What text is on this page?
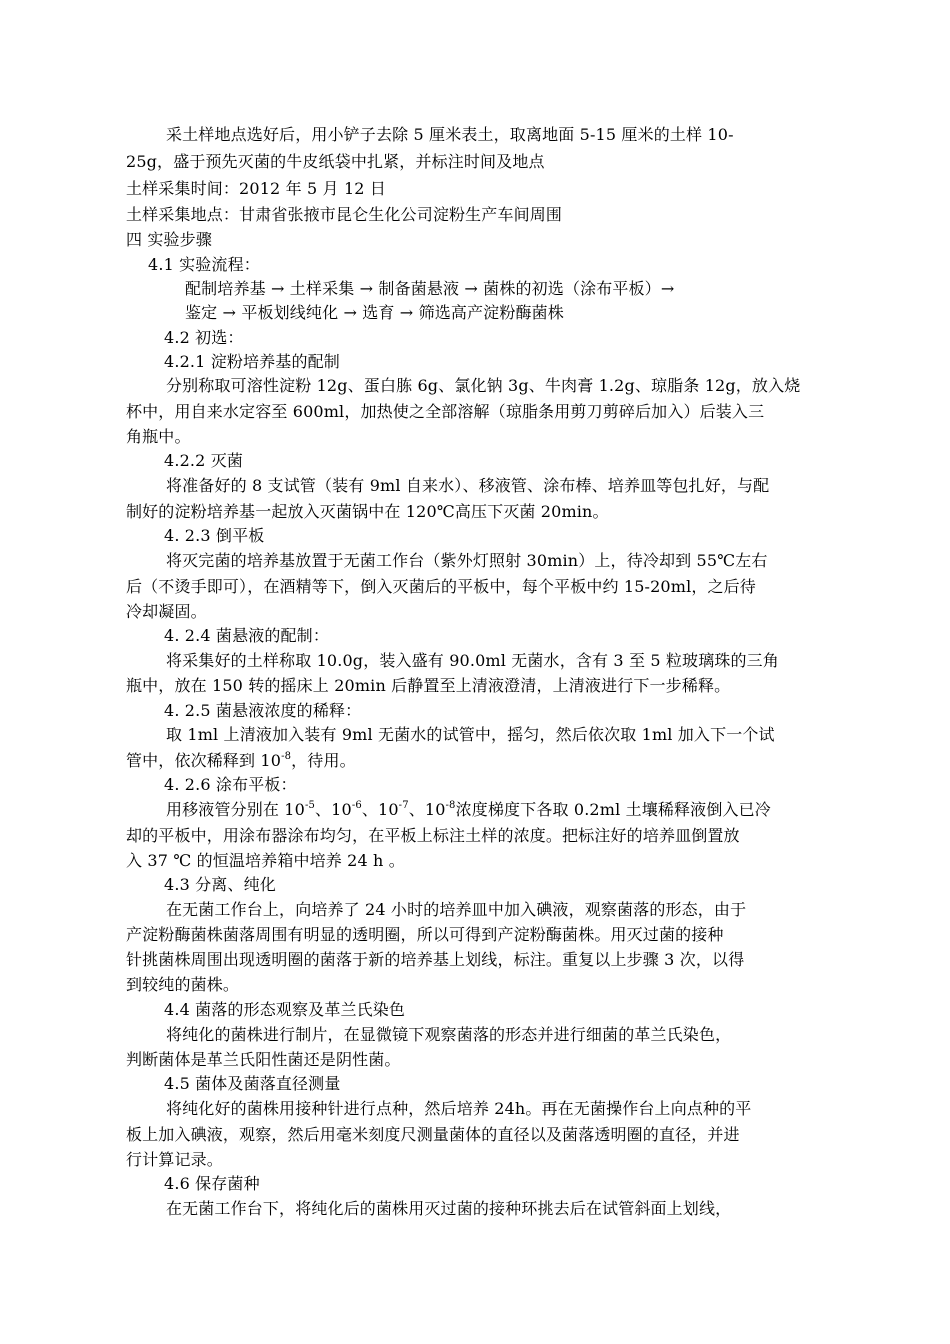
采土样地点选好后，用小铲子去除 5 厘米表土，取离地面 5-15 厘米的土样 10-
25g，盛于预先灭菌的牛皮纸袋中扎紧，并标注时间及地点
土样采集时间：2012 年 5 月 12 日
土样采集地点：甘肃省张掖市昆仑生化公司淀粉生产车间周围
四 实验步骤
4.1 实验流程：
配制培养基 → 土样采集 → 制备菌悬液 → 菌株的初选（涂布平板）→
鉴定 → 平板划线纯化 → 选育 → 筛选高产淀粉酶菌株
4.2 初选：
4.2.1 淀粉培养基的配制
分别称取可溶性淀粉 12g、蛋白胨 6g、氯化钠 3g、牛肉膏 1.2g、琼脂条 12g，放入烧
杯中，用自来水定容至 600ml，加热使之全部溶解（琼脂条用剪刀剪碎后加入）后装入三
角瓶中。
4.2.2 灭菌
将准备好的 8 支试管（装有 9ml 自来水）、移液管、涂布棒、培养皿等包扎好，与配
制好的淀粉培养基一起放入灭菌锅中在 120℃高压下灭菌 20min。
4. 2.3 倒平板
将灭完菌的培养基放置于无菌工作台（紫外灯照射 30min）上，待冷却到 55℃左右
后（不烫手即可），在酒精等下，倒入灭菌后的平板中，每个平板中约 15-20ml，之后待
冷却凝固。
4. 2.4 菌悬液的配制：
将采集好的土样称取 10.0g，装入盛有 90.0ml 无菌水，含有 3 至 5 粒玻璃珠的三角
瓶中，放在 150 转的摇床上 20min 后静置至上清液澄清，上清液进行下一步稀释。
4. 2.5 菌悬液浓度的稀释：
取 1ml 上清液加入装有 9ml 无菌水的试管中，摇匀，然后依次取 1ml 加入下一个试
管中，依次稀释到 $10^{-8}$，待用。
4. 2.6 涂布平板：
用移液管分别在 $10^{-5}$、$10^{-6}$、$10^{-7}$、$10^{-8}$浓度梯度下各取 0.2ml 土壤稀释液倒入已冷
却的平板中，用涂布器涂布均匀，在平板上标注土样的浓度。把标注好的培养皿倒置放
入 37 ℃ 的恒温培养箱中培养 24 h 。
4.3 分离、纯化
在无菌工作台上，向培养了 24 小时的培养皿中加入碘液，观察菌落的形态，由于
产淀粉酶菌株菌落周围有明显的透明圈，所以可得到产淀粉酶菌株。用灭过菌的接种
针挑菌株周围出现透明圈的菌落于新的培养基上划线，标注。重复以上步骤 3 次，以得
到较纯的菌株。
4.4 菌落的形态观察及革兰氏染色
将纯化的菌株进行制片，在显微镜下观察菌落的形态并进行细菌的革兰氏染色，
判断菌体是革兰氏阳性菌还是阴性菌。
4.5 菌体及菌落直径测量
将纯化好的菌株用接种针进行点种，然后培养 24h。再在无菌操作台上向点种的平
板上加入碘液，观察，然后用毫米刻度尺测量菌体的直径以及菌落透明圈的直径，并进
行计算记录。
4.6 保存菌种
在无菌工作台下，将纯化后的菌株用灭过菌的接种环挑去后在试管斜面上划线，
